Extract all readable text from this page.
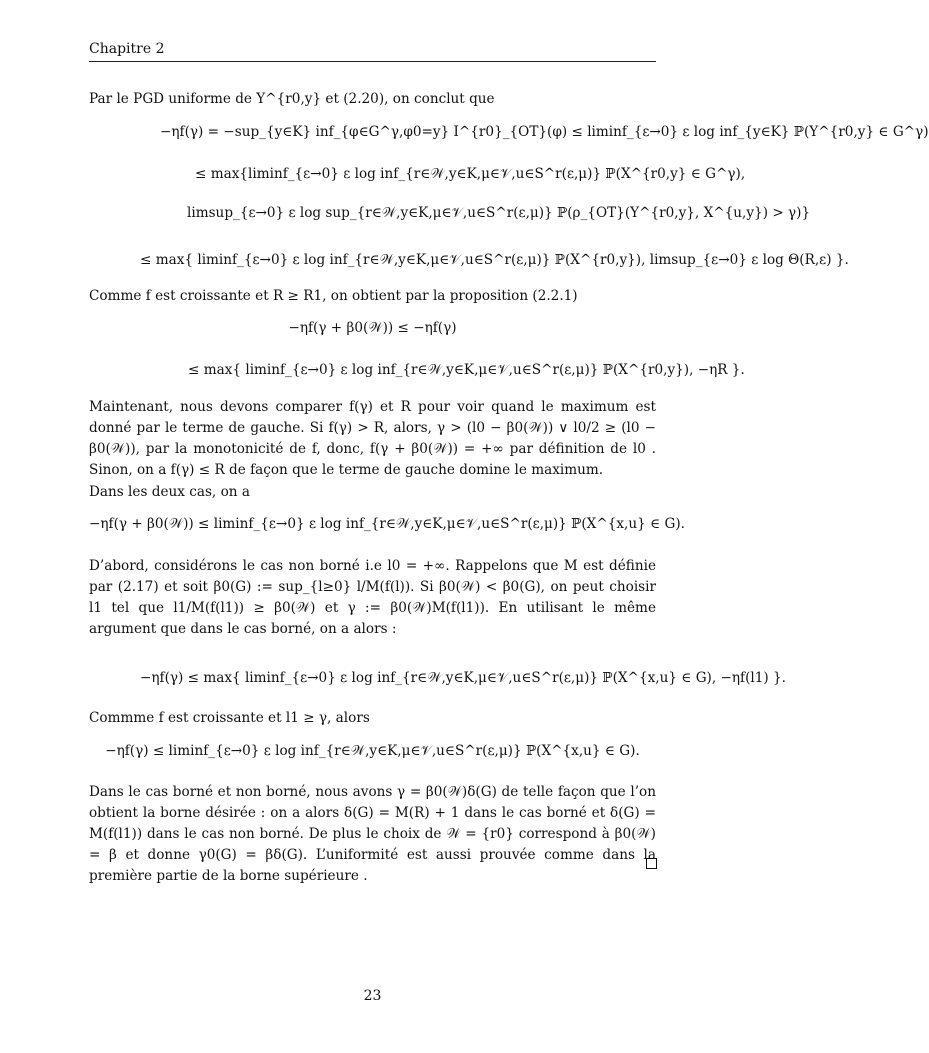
Chapitre 2
Par le PGD uniforme de Y^{r0,y} et (2.20), on conclut que
−ηf(γ) = −sup_{y∈K} inf_{φ∈G^γ,φ0=y} I^{r0}_{OT}(φ) ≤ liminf_{ε→0} ε log inf_{y∈K} ℙ(Y^{r0,y} ∈ G^γ)
≤ max{liminf_{ε→0} ε log inf_{r∈𝒲,y∈K,μ∈𝒱,u∈S^r(ε,μ)} ℙ(X^{r0,y} ∈ G^γ),
limsup_{ε→0} ε log sup_{r∈𝒲,y∈K,μ∈𝒱,u∈S^r(ε,μ)} ℙ(ρ_{OT}(Y^{r0,y}, X^{u,y}) > γ)}
≤ max{ liminf_{ε→0} ε log inf_{r∈𝒲,y∈K,μ∈𝒱,u∈S^r(ε,μ)} ℙ(X^{r0,y}), limsup_{ε→0} ε log Θ(R,ε) }.
Comme f est croissante et R ≥ R1, on obtient par la proposition (2.2.1)
−ηf(γ + β0(𝒲)) ≤ −ηf(γ)
≤ max{ liminf_{ε→0} ε log inf_{r∈𝒲,y∈K,μ∈𝒱,u∈S^r(ε,μ)} ℙ(X^{r0,y}), −ηR }.
Maintenant, nous devons comparer f(γ) et R pour voir quand le maximum est donné par le terme de gauche. Si f(γ) > R, alors, γ > (l0 − β0(𝒲)) ∨ l0/2 ≥ (l0 − β0(𝒲)), par la monotonicité de f, donc, f(γ + β0(𝒲)) = +∞ par définition de l0 . Sinon, on a f(γ) ≤ R de façon que le terme de gauche domine le maximum.
Dans les deux cas, on a
−ηf(γ + β0(𝒲)) ≤ liminf_{ε→0} ε log inf_{r∈𝒲,y∈K,μ∈𝒱,u∈S^r(ε,μ)} ℙ(X^{x,u} ∈ G).
D’abord, considérons le cas non borné i.e l0 = +∞. Rappelons que M est définie par (2.17) et soit β0(G) := sup_{l≥0} l/M(f(l)). Si β0(𝒲) < β0(G), on peut choisir l1 tel que l1/M(f(l1)) ≥ β0(𝒲) et γ := β0(𝒲)M(f(l1)). En utilisant le même argument que dans le cas borné, on a alors :
−ηf(γ) ≤ max{ liminf_{ε→0} ε log inf_{r∈𝒲,y∈K,μ∈𝒱,u∈S^r(ε,μ)} ℙ(X^{x,u} ∈ G), −ηf(l1) }.
Commme f est croissante et l1 ≥ γ, alors
−ηf(γ) ≤ liminf_{ε→0} ε log inf_{r∈𝒲,y∈K,μ∈𝒱,u∈S^r(ε,μ)} ℙ(X^{x,u} ∈ G).
Dans le cas borné et non borné, nous avons γ = β0(𝒲)δ(G) de telle façon que l’on obtient la borne désirée : on a alors δ(G) = M(R) + 1 dans le cas borné et δ(G) = M(f(l1)) dans le cas non borné. De plus le choix de 𝒲 = {r0} correspond à β0(𝒲) = β et donne γ0(G) = βδ(G). L’uniformité est aussi prouvée comme dans la première partie de la borne supérieure .
23
